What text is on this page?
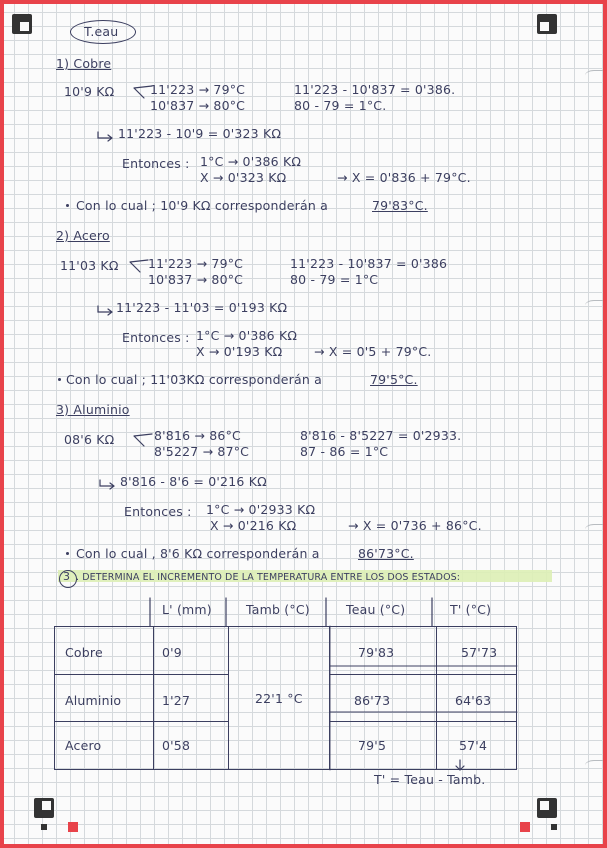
T.eau
1) Cobre
10'9 KΩ	11'223 → 79°C
10'837 → 80°C
11'223 - 10'837 = 0'386.
80 - 79 = 1°C.
11'223 - 10'9 = 0'323 KΩ
Entonces : 1°C → 0'386 KΩ
X → 0'323 KΩ	→ X = 0'836 + 79°C.
Con lo cual ; 10'9 KΩ corresponderán a	79'83°C.
2) Acero
11'03 KΩ 11'223 → 79°C
10'837 → 80°C
11'223 - 10'837 = 0'386
80 - 79 = 1°C
11'223 - 11'03 = 0'193 KΩ
Entonces : 1°C → 0'386 KΩ
X → 0'193 KΩ	→ X = 0'5 + 79°C.
Con lo cual ; 11'03KΩ corresponderán a	79'5°C.
3) Aluminio
08'6 KΩ	8'816 → 86°C
8'5227 → 87°C
8'816 - 8'5227 = 0'2933.
87 - 86 = 1°C
8'816 - 8'6 = 0'216 KΩ
Entonces : 1°C → 0'2933 KΩ
X → 0'216 KΩ	→ X = 0'736 + 86°C.
Con lo cual , 8'6 KΩ corresponderán a	86'73°C.
3 . DETERMINA EL INCREMENTO DE LA TEMPERATURA ENTRE LOS DOS ESTADOS:
L' (mm)	Tamb (°C)	Teau (°C)	T' (°C)
Cobre	0'9	22'1 °C	79'83	57'73

Aluminio	1'27		86'73	64'63

Acero	0'58		79'5	57'4
T' = Teau - Tamb.
